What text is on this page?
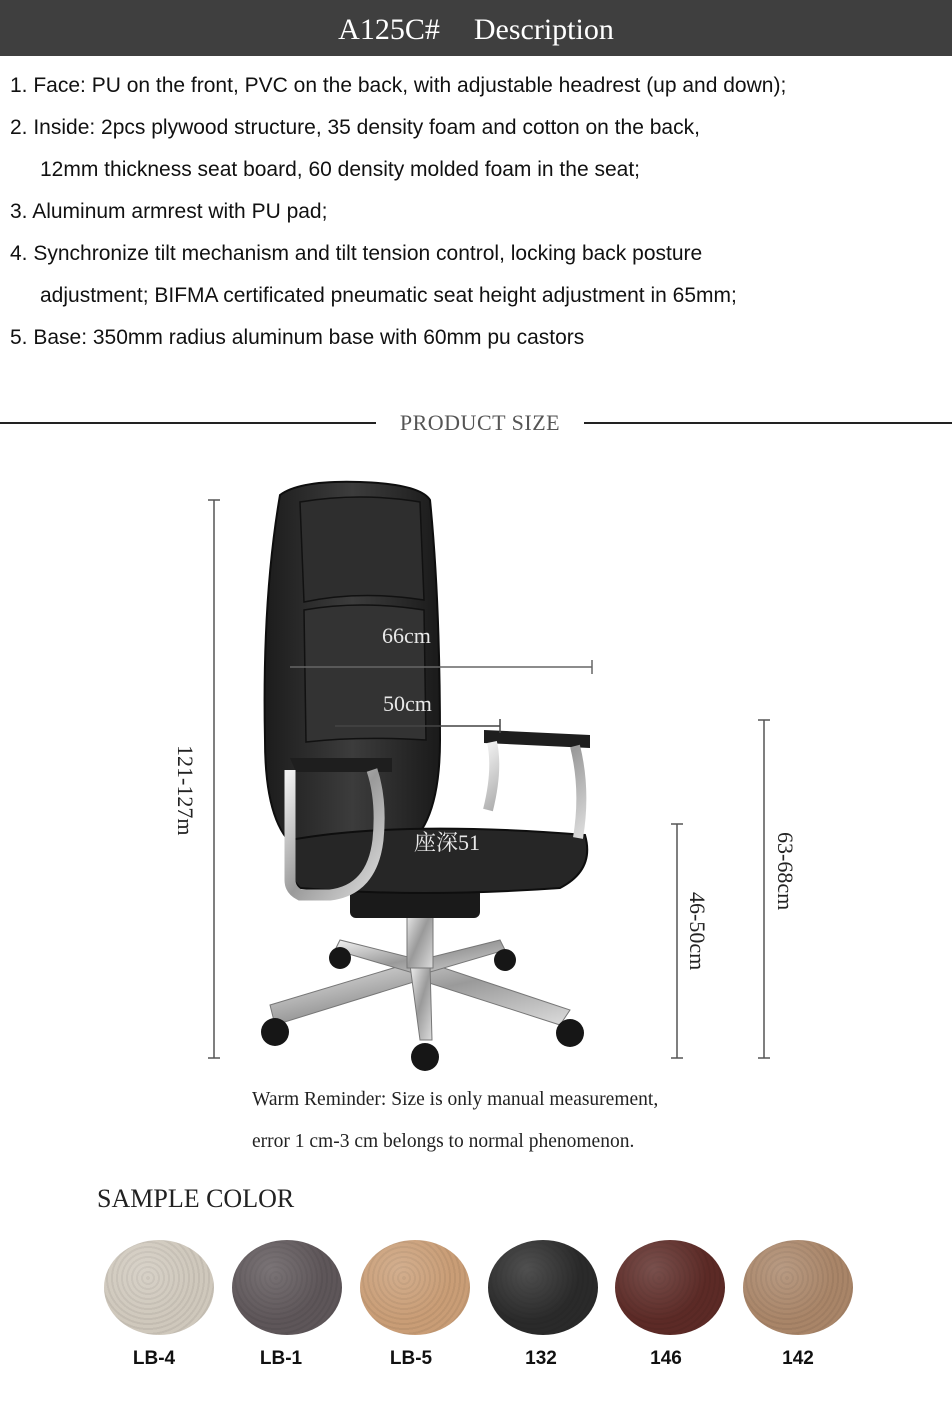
A125C# Description
1. Face: PU on the front, PVC on the back, with adjustable headrest (up and down);
2. Inside: 2pcs plywood structure, 35 density foam and cotton on the back,
12mm thickness seat board, 60 density molded foam in the seat;
3. Aluminum armrest with PU pad;
4. Synchronize tilt mechanism and tilt tension control, locking back posture
adjustment; BIFMA certificated pneumatic seat height adjustment in 65mm;
5. Base: 350mm radius aluminum base with 60mm pu castors
PRODUCT SIZE
121-127m
66cm
50cm
座深51
46-50cm
63-68cm
Warm Reminder: Size is only manual measurement,
error 1 cm-3 cm belongs to normal phenomenon.
SAMPLE COLOR
LB-4	LB-1	LB-5	132	146	142
